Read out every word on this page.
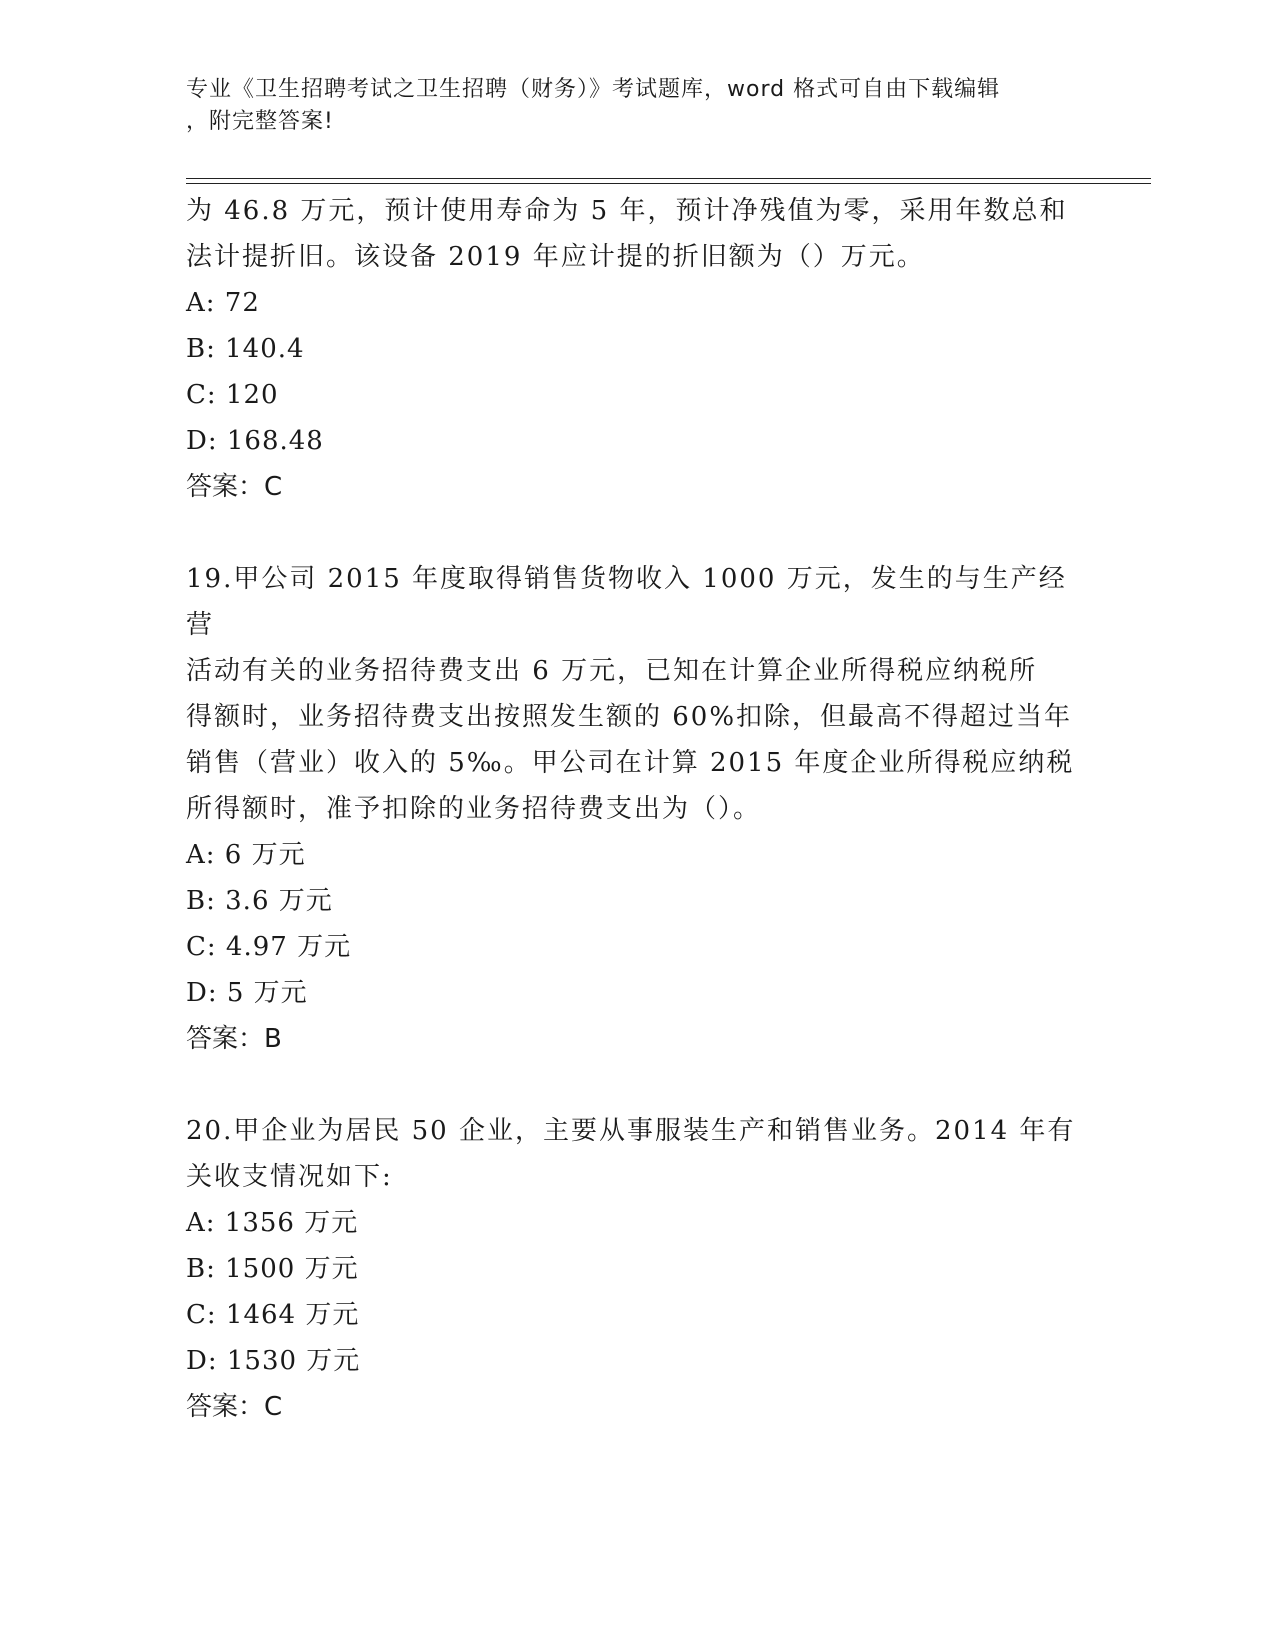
专业《卫生招聘考试之卫生招聘（财务）》考试题库，word 格式可自由下载编辑
，附完整答案!

为 46.8 万元，预计使用寿命为 5 年，预计净残值为零，采用年数总和

法计提折旧。该设备 2019 年应计提的折旧额为（）万元。

A: 72

B: 140.4

C: 120

D: 168.48

答案：C

19.甲公司 2015 年度取得销售货物收入 1000 万元，发生的与生产经营

活动有关的业务招待费支出 6 万元，已知在计算企业所得税应纳税所

得额时，业务招待费支出按照发生额的 60%扣除，但最高不得超过当年

销售（营业）收入的 5‰。甲公司在计算 2015 年度企业所得税应纳税

所得额时，准予扣除的业务招待费支出为（）。

A: 6 万元

B: 3.6 万元

C: 4.97 万元

D: 5 万元

答案：B

20.甲企业为居民 50 企业，主要从事服装生产和销售业务。2014 年有

关收支情况如下:

A: 1356 万元

B: 1500 万元

C: 1464 万元

D: 1530 万元

答案：C
